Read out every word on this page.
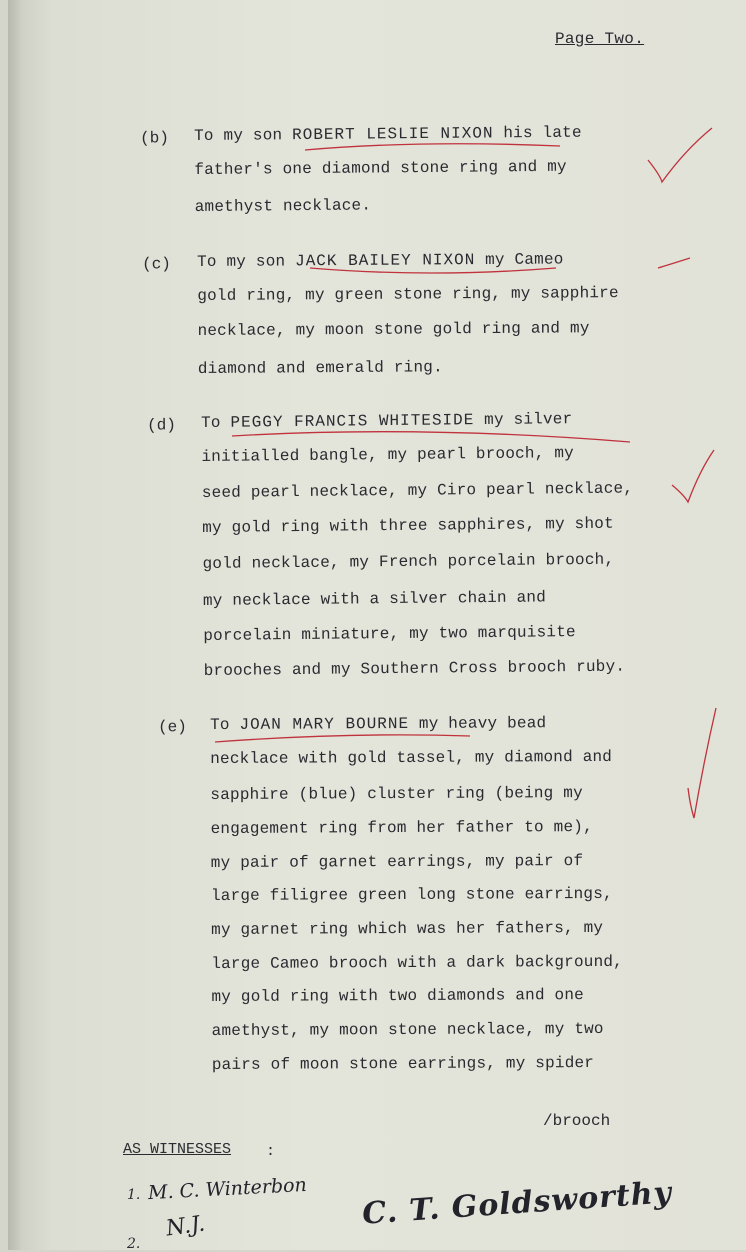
Page Two.
(b) To my son ROBERT LESLIE NIXON his late
father's one diamond stone ring and my
amethyst necklace.
(c) To my son JACK BAILEY NIXON my Cameo
gold ring, my green stone ring, my sapphire
necklace, my moon stone gold ring and my
diamond and emerald ring.
(d) To PEGGY FRANCIS WHITESIDE my silver
initialled bangle, my pearl brooch, my
seed pearl necklace, my Ciro pearl necklace,
my gold ring with three sapphires, my shot
gold necklace, my French porcelain brooch,
my necklace with a silver chain and
porcelain miniature, my two marquisite
brooches and my Southern Cross brooch ruby.
(e) To JOAN MARY BOURNE my heavy bead
necklace with gold tassel, my diamond and
sapphire (blue) cluster ring (being my
engagement ring from her father to me),
my pair of garnet earrings, my pair of
large filigree green long stone earrings,
my garnet ring which was her fathers, my
large Cameo brooch with a dark background,
my gold ring with two diamonds and one
amethyst, my moon stone necklace, my two
pairs of moon stone earrings, my spider
/brooch
AS WITNESSES :
1. M. C. Winterbon
2.
N.J.	C. T. Goldsworthy
